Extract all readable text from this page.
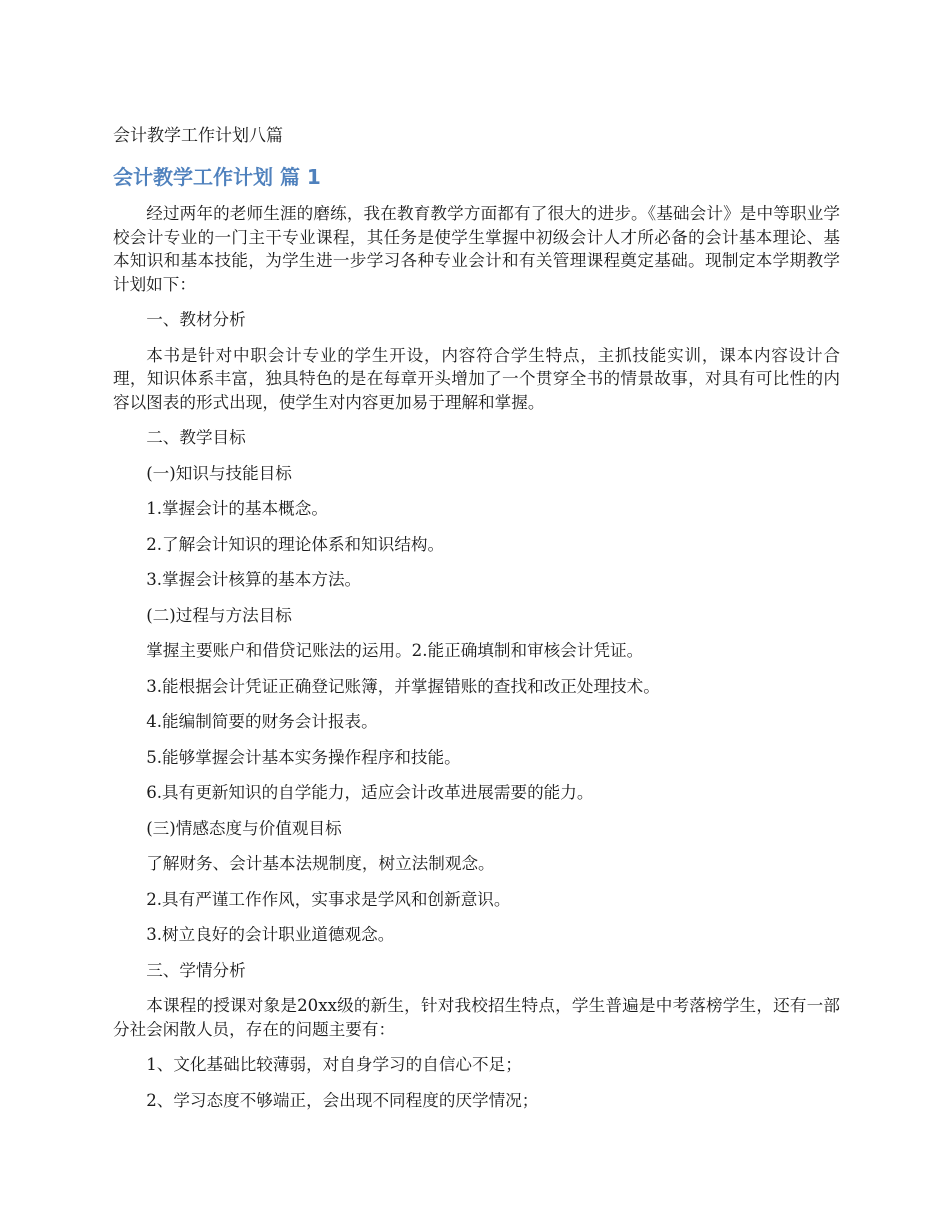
会计教学工作计划八篇
会计教学工作计划 篇 1

经过两年的老师生涯的磨练，我在教育教学方面都有了很大的进步。《基础会计》是中等职业学校会计专业的一门主干专业课程，其任务是使学生掌握中初级会计人才所必备的会计基本理论、基本知识和基本技能，为学生进一步学习各种专业会计和有关管理课程奠定基础。现制定本学期教学计划如下：

一、教材分析

本书是针对中职会计专业的学生开设，内容符合学生特点，主抓技能实训，课本内容设计合理，知识体系丰富，独具特色的是在每章开头增加了一个贯穿全书的情景故事，对具有可比性的内容以图表的形式出现，使学生对内容更加易于理解和掌握。

二、教学目标

(一)知识与技能目标

1.掌握会计的基本概念。

2.了解会计知识的理论体系和知识结构。

3.掌握会计核算的基本方法。

(二)过程与方法目标

掌握主要账户和借贷记账法的运用。2.能正确填制和审核会计凭证。

3.能根据会计凭证正确登记账簿，并掌握错账的查找和改正处理技术。

4.能编制简要的财务会计报表。

5.能够掌握会计基本实务操作程序和技能。

6.具有更新知识的自学能力，适应会计改革进展需要的能力。

(三)情感态度与价值观目标

了解财务、会计基本法规制度，树立法制观念。

2.具有严谨工作作风，实事求是学风和创新意识。

3.树立良好的会计职业道德观念。

三、学情分析

本课程的授课对象是20xx级的新生，针对我校招生特点，学生普遍是中考落榜学生，还有一部分社会闲散人员，存在的问题主要有：

1、文化基础比较薄弱，对自身学习的自信心不足；

2、学习态度不够端正，会出现不同程度的厌学情况；
